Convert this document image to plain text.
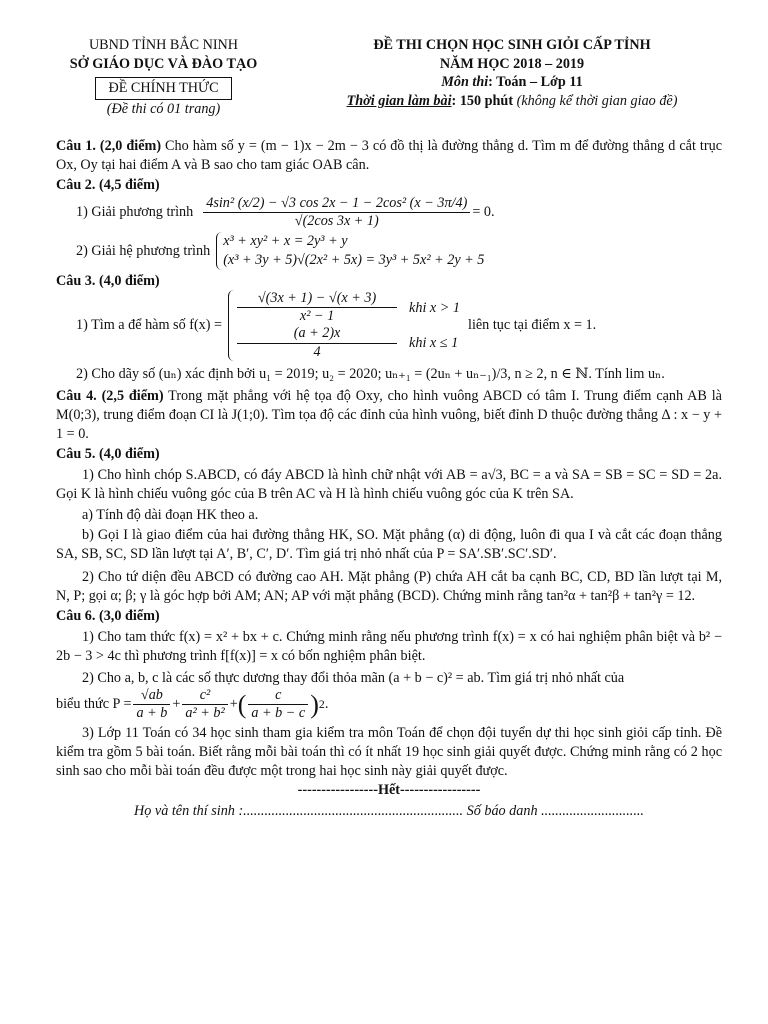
UBND TỈNH BẮC NINH
SỞ GIÁO DỤC VÀ ĐÀO TẠO
ĐỀ CHÍNH THỨC
(Đề thi có 01 trang)
ĐỀ THI CHỌN HỌC SINH GIỎI CẤP TỈNH
NĂM HỌC 2018 – 2019
Môn thi: Toán – Lớp 11
Thời gian làm bài: 150 phút (không kể thời gian giao đề)
Câu 1. (2,0 điểm) Cho hàm số y = (m − 1)x − 2m − 3 có đồ thị là đường thẳng d. Tìm m để đường thẳng d cắt trục Ox, Oy tại hai điểm A và B sao cho tam giác OAB cân.
Câu 2. (4,5 điểm)
1) Giải phương trình $\frac{\text{4sin² (x/2) − √3 cos 2x − 1 − 2cos² (x − 3π/4)}}{√(2\cos 3x + 1)} = 0$.
2) Giải hệ phương trình
x³ + xy² + x = 2y³ + y
(x³ + 3y + 5)√(2x² + 5x) = 3y³ + 5x² + 2y + 5
Câu 3. (4,0 điểm)
1) Tìm a để hàm số $f(x) = \frac{√(3x + 1) - √(x + 3)}{\text{x² − 1}}$ khi x > 1
$\frac{(a + 2)x}{4}$ khi x ≤ 1
liên tục tại điểm x = 1.
2) Cho dãy số (uₙ) xác định bởi u₁ = 2019; u₂ = 2020; uₙ₊₁ = (2uₙ + uₙ₋₁)/3, n ≥ 2, n ∈ ℕ. Tính lim uₙ.
Câu 4. (2,5 điểm) Trong mặt phẳng với hệ tọa độ Oxy, cho hình vuông ABCD có tâm I. Trung điểm cạnh AB là M(0;3), trung điểm đoạn CI là J(1;0). Tìm tọa độ các đỉnh của hình vuông, biết đỉnh D thuộc đường thẳng Δ : x − y + 1 = 0.
Câu 5. (4,0 điểm)
1) Cho hình chóp S.ABCD, có đáy ABCD là hình chữ nhật với AB = a√3, BC = a và SA = SB = SC = SD = 2a. Gọi K là hình chiếu vuông góc của B trên AC và H là hình chiếu vuông góc của K trên SA.
a) Tính độ dài đoạn HK theo a.
b) Gọi I là giao điểm của hai đường thẳng HK, SO. Mặt phẳng (α) di động, luôn đi qua I và cắt các đoạn thẳng SA, SB, SC, SD lần lượt tại A′, B′, C′, D′. Tìm giá trị nhỏ nhất của P = SA′.SB′.SC′.SD′.
2) Cho tứ diện đều ABCD có đường cao AH. Mặt phẳng (P) chứa AH cắt ba cạnh BC, CD, BD lần lượt tại M, N, P; gọi α; β; γ là góc hợp bởi AM; AN; AP với mặt phẳng (BCD). Chứng minh rằng tan²α + tan²β + tan²γ = 12.
Câu 6. (3,0 điểm)
1) Cho tam thức f(x) = x² + bx + c. Chứng minh rằng nếu phương trình f(x) = x có hai nghiệm phân biệt và b² − 2b − 3 > 4c thì phương trình f[f(x)] = x có bốn nghiệm phân biệt.
2) Cho a, b, c là các số thực dương thay đổi thỏa mãn (a + b − c)² = ab. Tìm giá trị nhỏ nhất của
biểu thức $P = \frac{√ab}{a + b} + \frac{\text{c²}}{\text{a² + b²}}$ + ( $\frac{c}{a + b - c}$ ) 2 .
3) Lớp 11 Toán có 34 học sinh tham gia kiểm tra môn Toán để chọn đội tuyển dự thi học sinh giỏi cấp tỉnh. Đề kiểm tra gồm 5 bài toán. Biết rằng mỗi bài toán thì có ít nhất 19 học sinh giải quyết được. Chứng minh rằng có 2 học sinh sao cho mỗi bài toán đều được một trong hai học sinh này giải quyết được.
-----------------Hết-----------------
Họ và tên thí sinh :.............................................................. Số báo danh .............................
